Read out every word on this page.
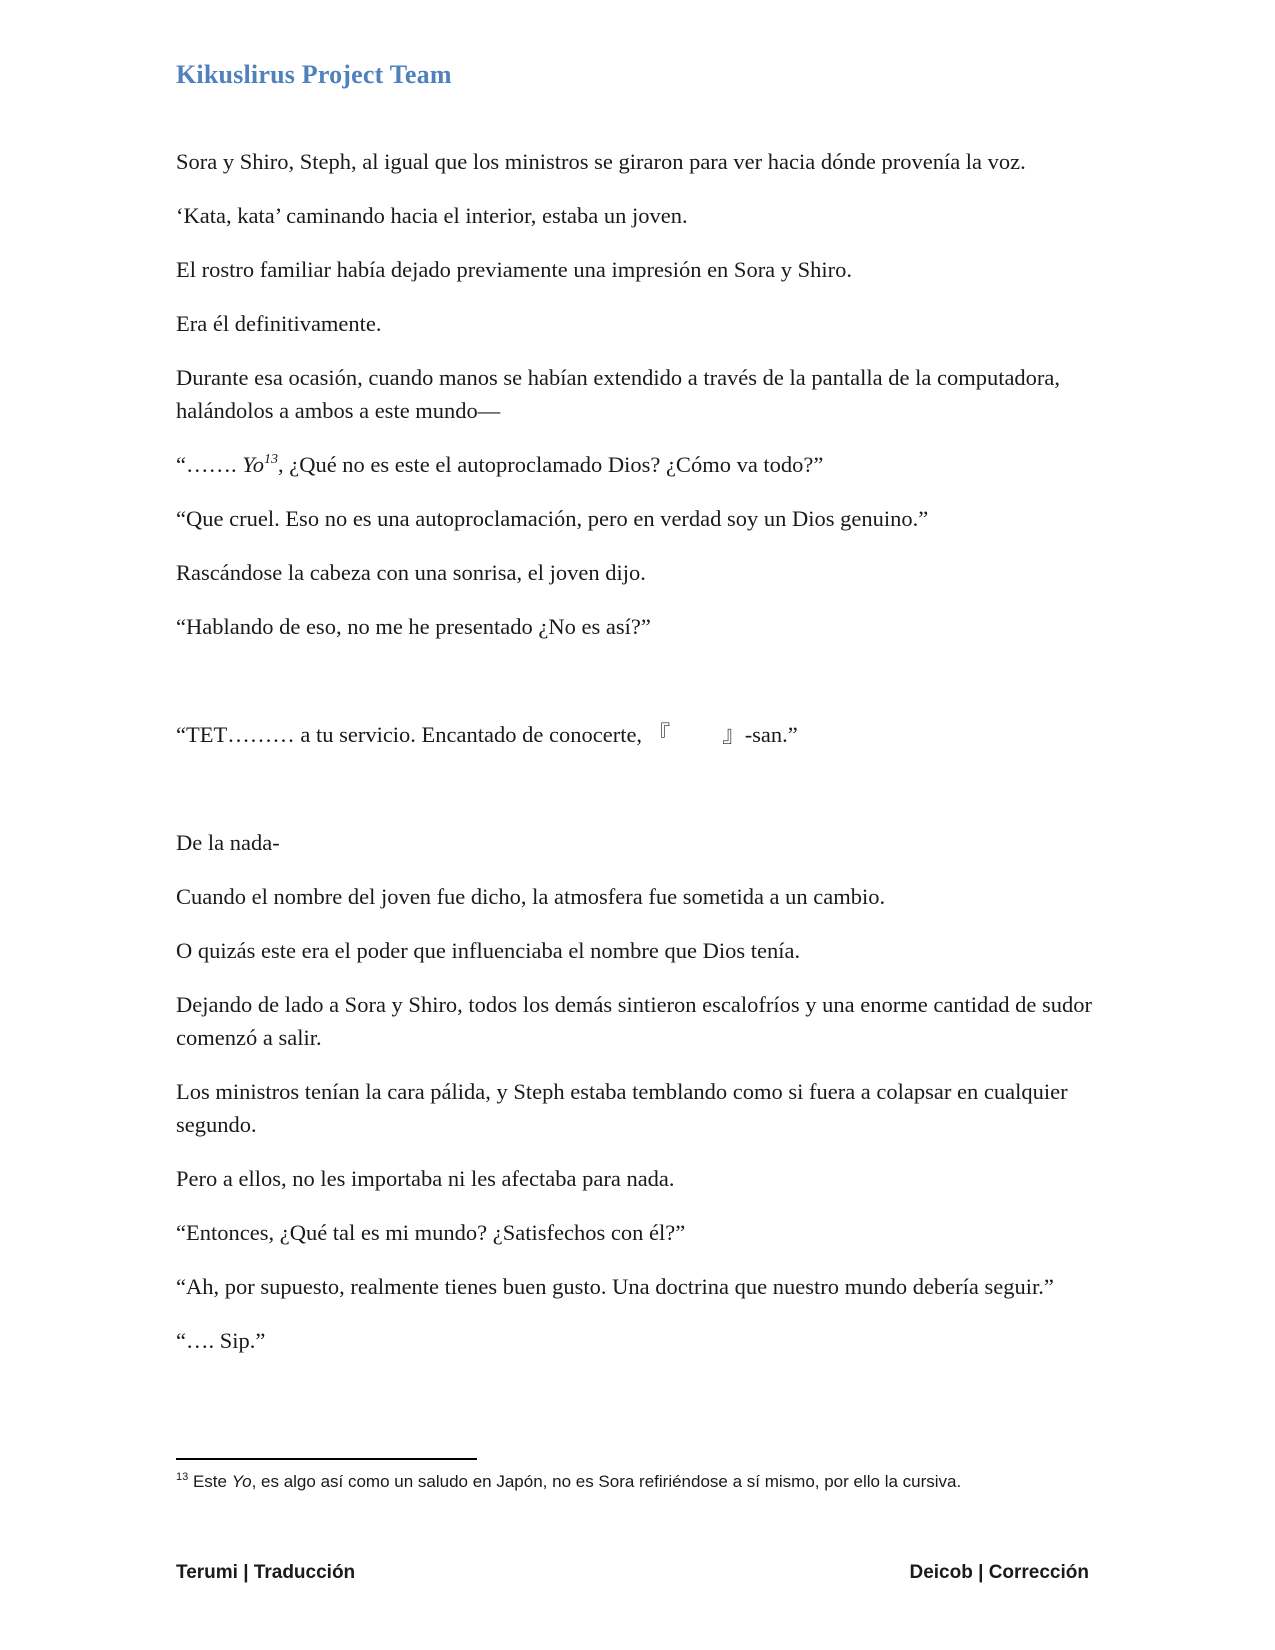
Kikuslirus Project Team

Sora y Shiro, Steph, al igual que los ministros se giraron para ver hacia dónde provenía la voz.

‘Kata, kata’ caminando hacia el interior, estaba un joven.

El rostro familiar había dejado previamente una impresión en Sora y Shiro.

Era él definitivamente.

Durante esa ocasión, cuando manos se habían extendido a través de la pantalla de la computadora, halándolos a ambos a este mundo—

“……. Yo$^{13}$, ¿Qué no es este el autoproclamado Dios? ¿Cómo va todo?”

“Que cruel. Eso no es una autoproclamación, pero en verdad soy un Dios genuino.”

Rascándose la cabeza con una sonrisa, el joven dijo.

“Hablando de eso, no me he presentado ¿No es así?”

“TET……… a tu servicio. Encantado de conocerte, 『 』-san.”

De la nada-

Cuando el nombre del joven fue dicho, la atmosfera fue sometida a un cambio.

O quizás este era el poder que influenciaba el nombre que Dios tenía.

Dejando de lado a Sora y Shiro, todos los demás sintieron escalofríos y una enorme cantidad de sudor comenzó a salir.

Los ministros tenían la cara pálida, y Steph estaba temblando como si fuera a colapsar en cualquier segundo.

Pero a ellos, no les importaba ni les afectaba para nada.

“Entonces, ¿Qué tal es mi mundo? ¿Satisfechos con él?”

“Ah, por supuesto, realmente tienes buen gusto. Una doctrina que nuestro mundo debería seguir.”

“…. Sip.”

$^{13}$ Este Yo, es algo así como un saludo en Japón, no es Sora refiriéndose a sí mismo, por ello la cursiva.
Terumi | Traducción	Deicob | Corrección
